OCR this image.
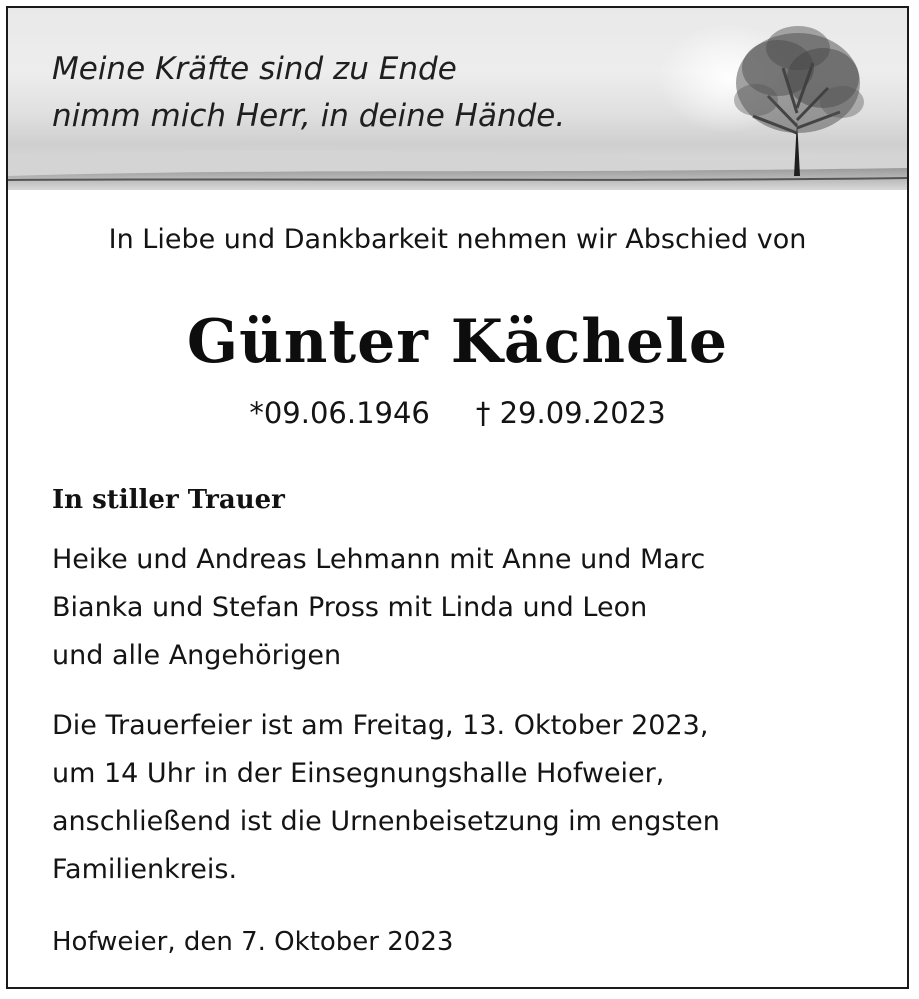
Meine Kräfte sind zu Ende
nimm mich Herr, in deine Hände.
In Liebe und Dankbarkeit nehmen wir Abschied von
Günter Kächele
*09.06.1946 † 29.09.2023
In stiller Trauer
Heike und Andreas Lehmann mit Anne und Marc
Bianka und Stefan Pross mit Linda und Leon
und alle Angehörigen
Die Trauerfeier ist am Freitag, 13. Oktober 2023,
um 14 Uhr in der Einsegnungshalle Hofweier,
anschließend ist die Urnenbeisetzung im engsten
Familienkreis.
Hofweier, den 7. Oktober 2023
